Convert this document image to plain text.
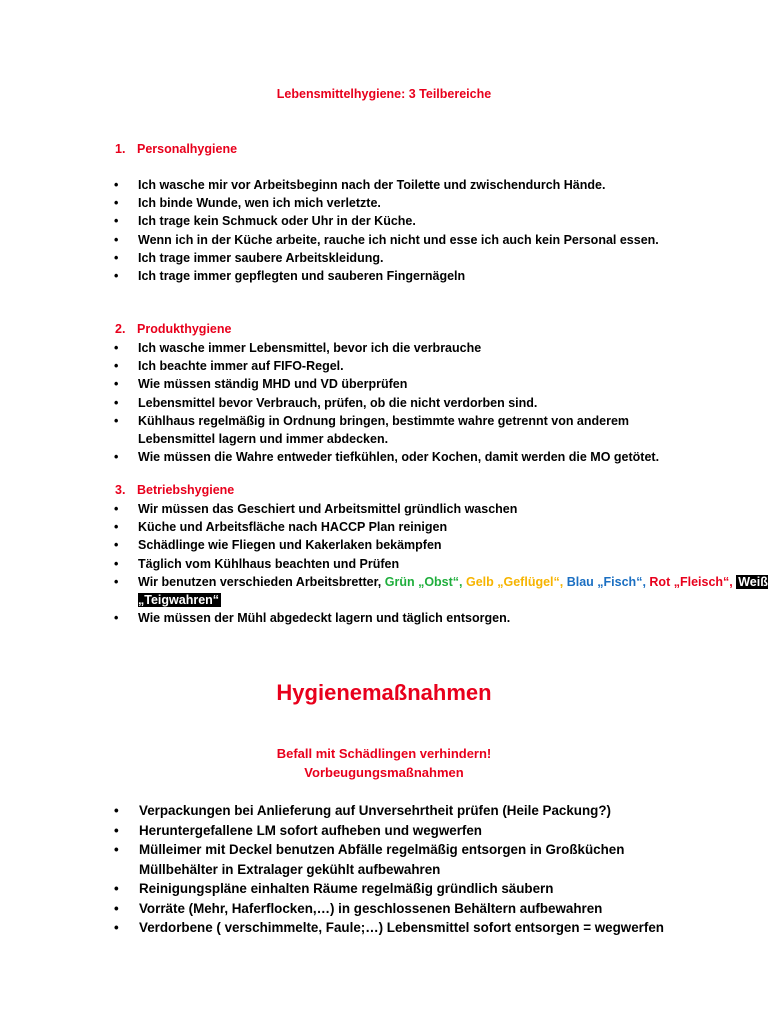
Lebensmittelhygiene: 3 Teilbereiche
1. Personalhygiene
• Ich wasche mir vor Arbeitsbeginn nach der Toilette und zwischendurch Hände.
• Ich binde Wunde, wen ich mich verletzte.
• Ich trage kein Schmuck oder Uhr in der Küche.
• Wenn ich in der Küche arbeite, rauche ich nicht und esse ich auch kein Personal essen.
• Ich trage immer saubere Arbeitskleidung.
• Ich trage immer gepflegten und sauberen Fingernägeln
2. Produkthygiene
• Ich wasche immer Lebensmittel, bevor ich die verbrauche
• Ich beachte immer auf FIFO-Regel.
• Wie müssen ständig MHD und VD überprüfen
• Lebensmittel bevor Verbrauch, prüfen, ob die nicht verdorben sind.
• Kühlhaus regelmäßig in Ordnung bringen, bestimmte wahre getrennt von anderem
Lebensmittel lagern und immer abdecken.
• Wie müssen die Wahre entweder tiefkühlen, oder Kochen, damit werden die MO getötet.
3. Betriebshygiene
• Wir müssen das Geschiert und Arbeitsmittel gründlich waschen
• Küche und Arbeitsfläche nach HACCP Plan reinigen
• Schädlinge wie Fliegen und Kakerlaken bekämpfen
• Täglich vom Kühlhaus beachten und Prüfen
• Wir benutzen verschieden Arbeitsbretter, Grün „Obst“, Gelb „Geflügel“, Blau „Fisch“, Rot „Fleisch“, Weiß „Teigwahren“
• Wie müssen der Mühl abgedeckt lagern und täglich entsorgen.
Hygienemaßnahmen
Befall mit Schädlingen verhindern!
Vorbeugungsmaßnahmen
• Verpackungen bei Anlieferung auf Unversehrtheit prüfen (Heile Packung?)
• Heruntergefallene LM sofort aufheben und wegwerfen
• Mülleimer mit Deckel benutzen Abfälle regelmäßig entsorgen in Großküchen
Müllbehälter in Extralager gekühlt aufbewahren
• Reinigungspläne einhalten Räume regelmäßig gründlich säubern
• Vorräte (Mehr, Haferflocken,…) in geschlossenen Behältern aufbewahren
• Verdorbene ( verschimmelte, Faule;…) Lebensmittel sofort entsorgen = wegwerfen
